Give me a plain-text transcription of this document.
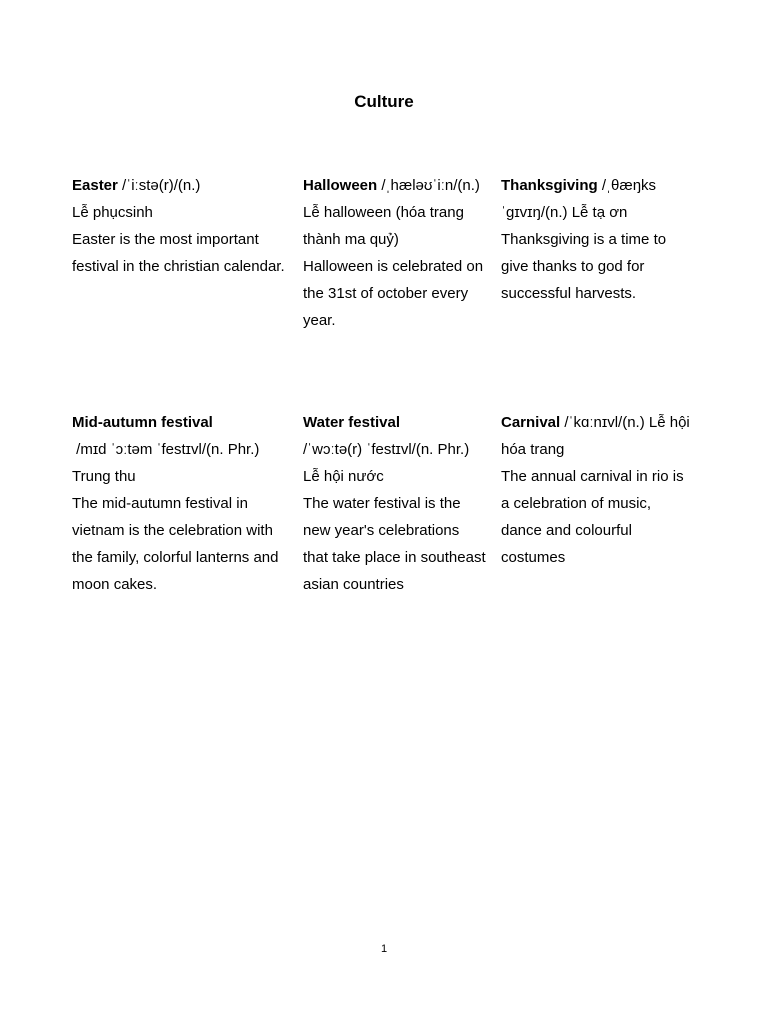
Culture
Easter /ˈiːstə(r)/(n.)
Lễ phụcsinh
Easter is the most important
festival in the christian calendar.
Halloween /ˌhæləʊˈiːn/(n.)
Lễ halloween (hóa trang
thành ma quỷ)
Halloween is celebrated on
the 31st of october every
year.
Thanksgiving /ˌθæŋks
ˈɡɪvɪŋ/(n.) Lễ tạ ơn
Thanksgiving is a time to
give thanks to god for
successful harvests.
Mid-autumn festival
/mɪd ˈɔːtəm ˈfestɪvl/(n. Phr.)
Trung thu
The mid-autumn festival in
vietnam is the celebration with
the family, colorful lanterns and
moon cakes.
Water festival
/ˈwɔːtə(r) ˈfestɪvl/(n. Phr.)
Lễ hội nước
The water festival is the
new year's celebrations
that take place in southeast
asian countries
Carnival /ˈkɑːnɪvl/(n.) Lễ hội
hóa trang
The annual carnival in rio is
a celebration of music,
dance and colourful
costumes
1
